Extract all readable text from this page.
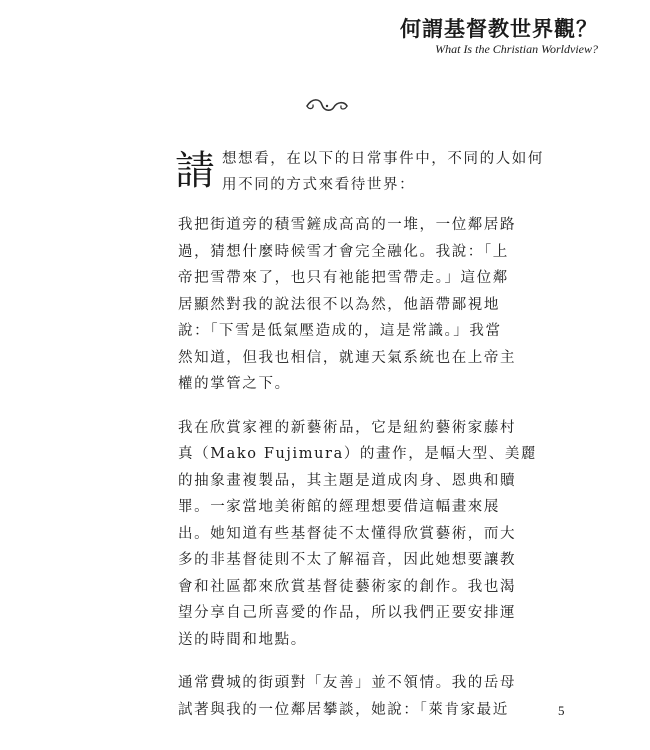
何謂基督教世界觀？
What Is the Christian Worldview?
請 想想看，在以下的日常事件中，不同的人如何
用不同的方式來看待世界：

我把街道旁的積雪鏟成高高的一堆，一位鄰居路
過，猜想什麼時候雪才會完全融化。我說：「上
帝把雪帶來了，也只有祂能把雪帶走。」這位鄰
居顯然對我的說法很不以為然，他語帶鄙視地
說：「下雪是低氣壓造成的，這是常識。」我當
然知道，但我也相信，就連天氣系統也在上帝主
權的掌管之下。

我在欣賞家裡的新藝術品，它是紐約藝術家藤村
真（Mako Fujimura）的畫作，是幅大型、美麗
的抽象畫複製品，其主題是道成肉身、恩典和贖
罪。一家當地美術館的經理想要借這幅畫來展
出。她知道有些基督徒不太懂得欣賞藝術，而大
多的非基督徒則不太了解福音，因此她想要讓教
會和社區都來欣賞基督徒藝術家的創作。我也渴
望分享自己所喜愛的作品，所以我們正要安排運
送的時間和地點。

通常費城的街頭對「友善」並不領情。我的岳母
試著與我的一位鄰居攀談，她說：「萊肯家最近	5
